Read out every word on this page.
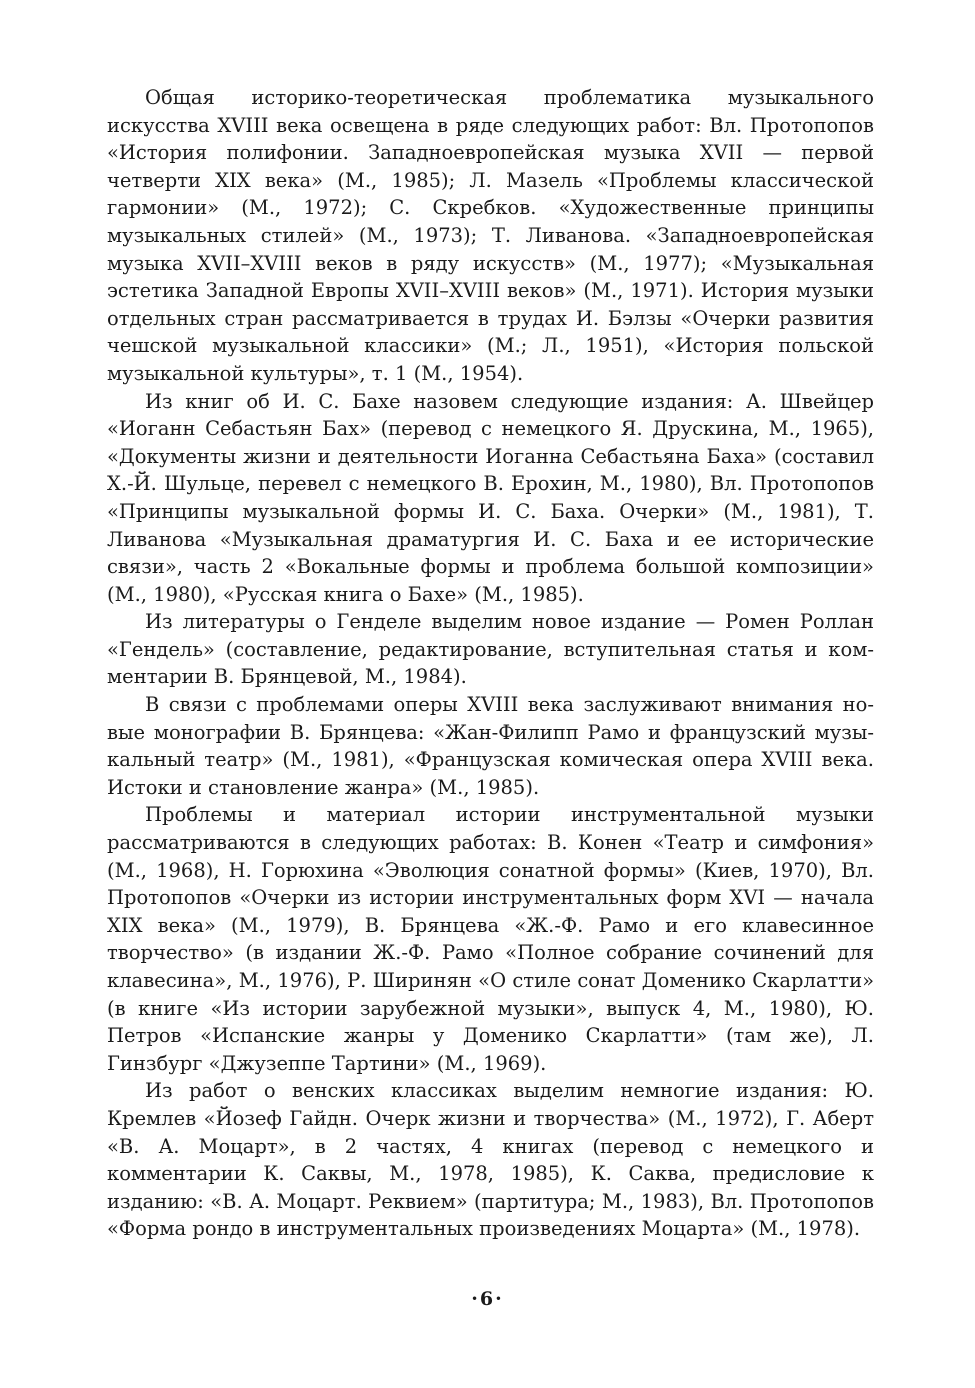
Общая историко-теоретическая проблематика музыкального искусства XVIII века освещена в ряде следующих работ: Вл. Протопопов «История полифонии. Западноевропейская музыка XVII — первой четверти XIX века» (М., 1985); Л. Мазель «Проблемы классической гармонии» (М., 1972); С. Скребков. «Художественные принципы музыкальных стилей» (М., 1973); Т. Ливанова. «Западноевропейская музыка XVII–XVIII веков в ряду искусств» (М., 1977); «Музыкальная эстетика Западной Европы XVII–XVIII веков» (М., 1971). История музыки отдельных стран рассматривается в трудах И. Бэлзы «Очерки развития чешской музыкальной классики» (М.; Л., 1951), «История польской музыкальной культуры», т. 1 (М., 1954).

Из книг об И. С. Бахе назовем следующие издания: А. Швейцер «Иоганн Себастьян Бах» (перевод с немецкого Я. Друскина, М., 1965), «Документы жизни и деятельности Иоганна Себастьяна Баха» (составил Х.-Й. Шульце, перевел с немецкого В. Ерохин, М., 1980), Вл. Протопопов «Принципы музыкальной формы И. С. Баха. Очерки» (М., 1981), Т. Ливанова «Музыкальная драматургия И. С. Баха и ее исторические связи», часть 2 «Вокальные формы и проблема большой композиции» (М., 1980), «Русская книга о Бахе» (М., 1985).

Из литературы о Генделе выделим новое издание — Ромен Роллан «Гендель» (составление, редактирование, вступительная статья и комментарии В. Брянцевой, М., 1984).

В связи с проблемами оперы XVIII века заслуживают внимания новые монографии В. Брянцева: «Жан-Филипп Рамо и французский музыкальный театр» (М., 1981), «Французская комическая опера XVIII века. Истоки и становление жанра» (М., 1985).

Проблемы и материал истории инструментальной музыки рассматриваются в следующих работах: В. Конен «Театр и симфония» (М., 1968), Н. Горюхина «Эволюция сонатной формы» (Киев, 1970), Вл. Протопопов «Очерки из истории инструментальных форм XVI — начала XIX века» (М., 1979), В. Брянцева «Ж.-Ф. Рамо и его клавесинное творчество» (в издании Ж.-Ф. Рамо «Полное собрание сочинений для клавесина», М., 1976), Р. Ширинян «О стиле сонат Доменико Скарлатти» (в книге «Из истории зарубежной музыки», выпуск 4, М., 1980), Ю. Петров «Испанские жанры у Доменико Скарлатти» (там же), Л. Гинзбург «Джузеппе Тартини» (М., 1969).

Из работ о венских классиках выделим немногие издания: Ю. Кремлев «Йозеф Гайдн. Очерк жизни и творчества» (М., 1972), Г. Аберт «В. А. Моцарт», в 2 частях, 4 книгах (перевод с немецкого и комментарии К. Саквы, М., 1978, 1985), К. Саква, предисловие к изданию: «В. А. Моцарт. Реквием» (партитура; М., 1983), Вл. Протопопов «Форма рондо в инструментальных произведениях Моцарта» (М., 1978).

·6·
